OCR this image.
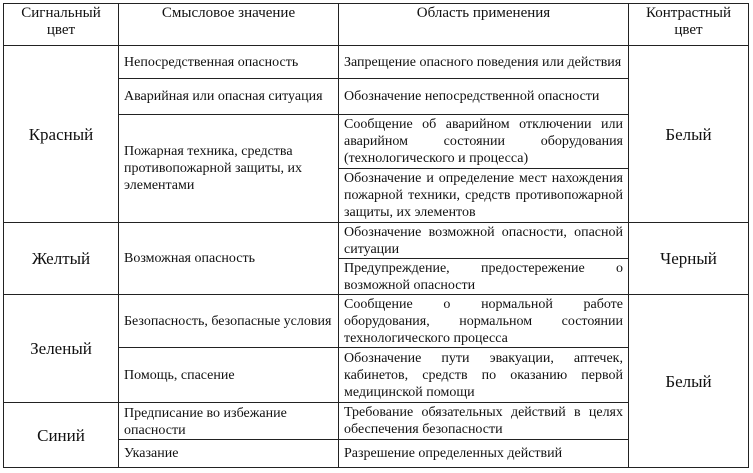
Сигнальный цвет	Смысловое значение	Область применения	Контрастный цвет
Красный	Непосредственная опасность	Запрещение опасного поведения или действия	Белый
	Аварийная или опасная ситуация	Обозначение непосредственной опасности	
	Пожарная техника, средства противопожарной защиты, их элементами	Сообщение об аварийном отключении или аварийном состоянии оборудования (технологического и процесса)	
		Обозначение и определение мест нахождения пожарной техники, средств противопожарной защиты, их элементов	
Желтый	Возможная опасность	Обозначение возможной опасности, опасной ситуации	Черный
		Предупреждение, предостережение о возможной опасности	
Зеленый	Безопасность, безопасные условия	Сообщение о нормальной работе оборудования, нормальном состоянии технологического процесса	Белый
	Помощь, спасение	Обозначение пути эвакуации, аптечек, кабинетов, средств по оказанию первой медицинской помощи	
Синий	Предписание во избежание опасности	Требование обязательных действий в целях обеспечения безопасности	
	Указание	Разрешение определенных действий	
